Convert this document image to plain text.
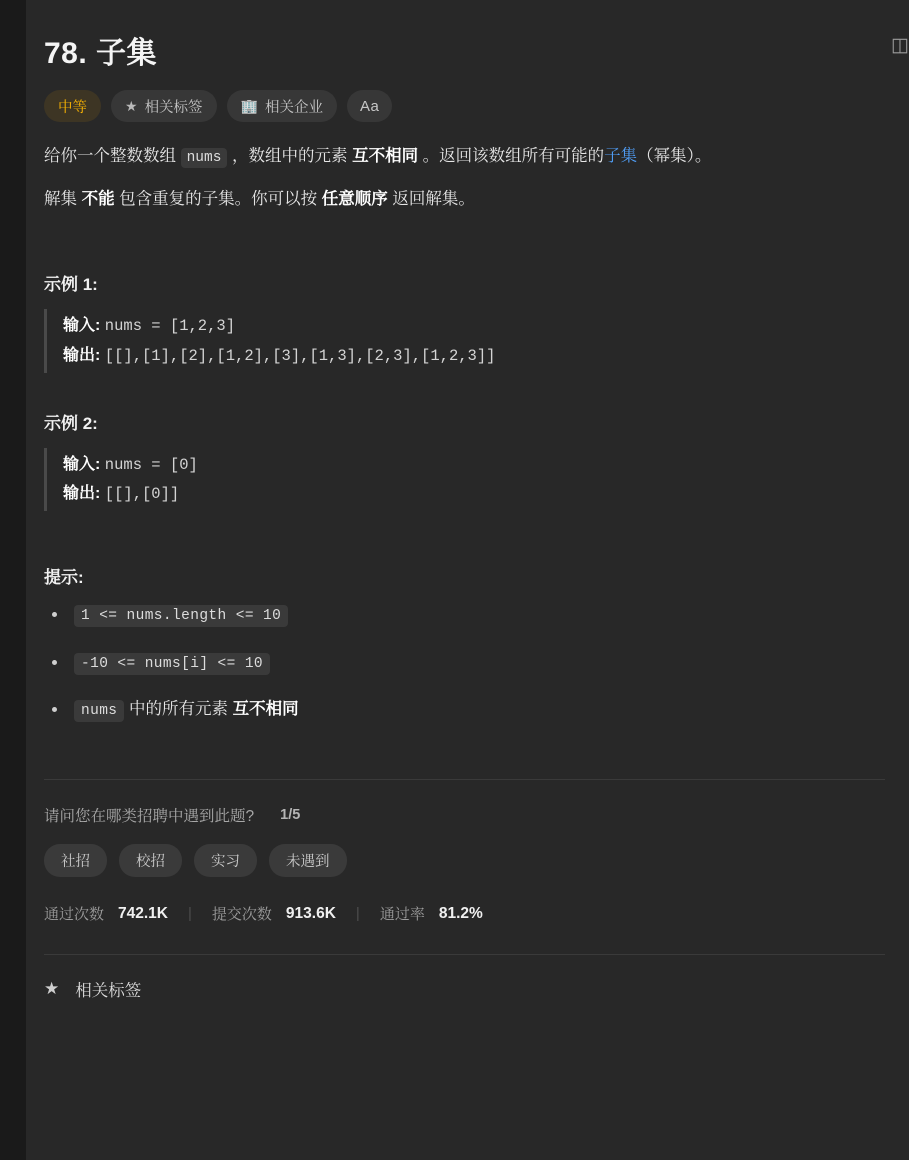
◫
78. 子集
中等	★︎ 相关标签	🏢 相关企业 Aa

给你一个整数数组 nums ，数组中的元素 互不相同 。返回该数组所有可能的子集（幂集）。

解集 不能 包含重复的子集。你可以按 任意顺序 返回解集。

示例 1:
输入: nums = [1,2,3]
输出: [[],[1],[2],[1,2],[3],[1,3],[2,3],[1,2,3]]
示例 2:
输入: nums = [0]
输出: [[],[0]]
提示:
1 <= nums.length <= 10
-10 <= nums[i] <= 10
nums 中的所有元素 互不相同
请问您在哪类招聘中遇到此题? 1/5
社招	校招	实习	未遇到
通过次数 742.1K	|	提交次数 913.6K	|	通过率 81.2%
★︎ 相关标签
